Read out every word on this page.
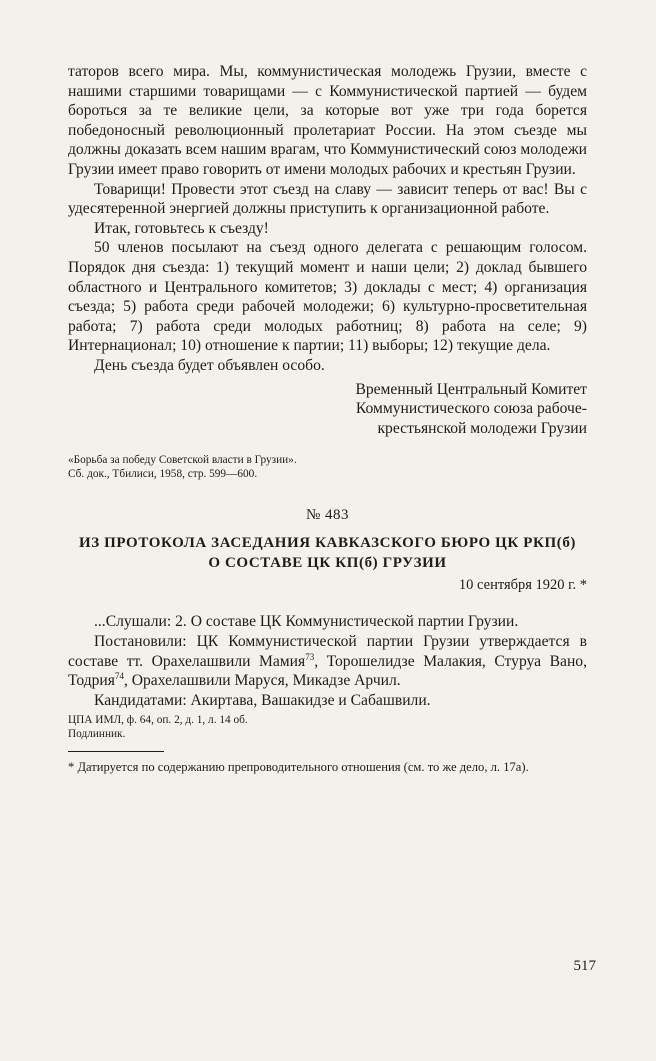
таторов всего мира. Мы, коммунистическая молодежь Грузии, вместе с нашими старшими товарищами — с Коммунистической партией — будем бороться за те великие цели, за которые вот уже три года борется победоносный революционный пролетариат России. На этом съезде мы должны доказать всем нашим врагам, что Коммунистический союз молодежи Грузии имеет право говорить от имени молодых рабочих и крестьян Грузии.

Товарищи! Провести этот съезд на славу — зависит теперь от вас! Вы с удесятеренной энергией должны приступить к организационной работе.

Итак, готовьтесь к съезду!

50 членов посылают на съезд одного делегата с решающим голосом. Порядок дня съезда: 1) текущий момент и наши цели; 2) доклад бывшего областного и Центрального комитетов; 3) доклады с мест; 4) организация съезда; 5) работа среди рабочей молодежи; 6) культурно-просветительная работа; 7) работа среди молодых работниц; 8) работа на селе; 9) Интернационал; 10) отношение к партии; 11) выборы; 12) текущие дела.

День съезда будет объявлен особо.

Временный Центральный Комитет
Коммунистического союза рабоче-
крестьянской молодежи Грузии
«Борьба за победу Советской власти в Грузии». Сб. док., Тбилиси, 1958, стр. 599—600.
№ 483
ИЗ ПРОТОКОЛА ЗАСЕДАНИЯ КАВКАЗСКОГО БЮРО ЦК РКП(б)
О СОСТАВЕ ЦК КП(б) ГРУЗИИ
10 сентября 1920 г. *

...Слушали: 2. О составе ЦК Коммунистической партии Грузии.

Постановили: ЦК Коммунистической партии Грузии утверждается в составе тт. Орахелашвили Мамия$^{73}$, Торошелидзе Малакия, Стуруа Вано, Тодрия$^{74}$, Орахелашвили Маруся, Микадзе Арчил.

Кандидатами: Акиртава, Вашакидзе и Сабашвили.

ЦПА ИМЛ, ф. 64, оп. 2, д. 1, л. 14 об. Подлинник.
* Датируется по содержанию препроводительного отношения (см. то же дело, л. 17а).
517
